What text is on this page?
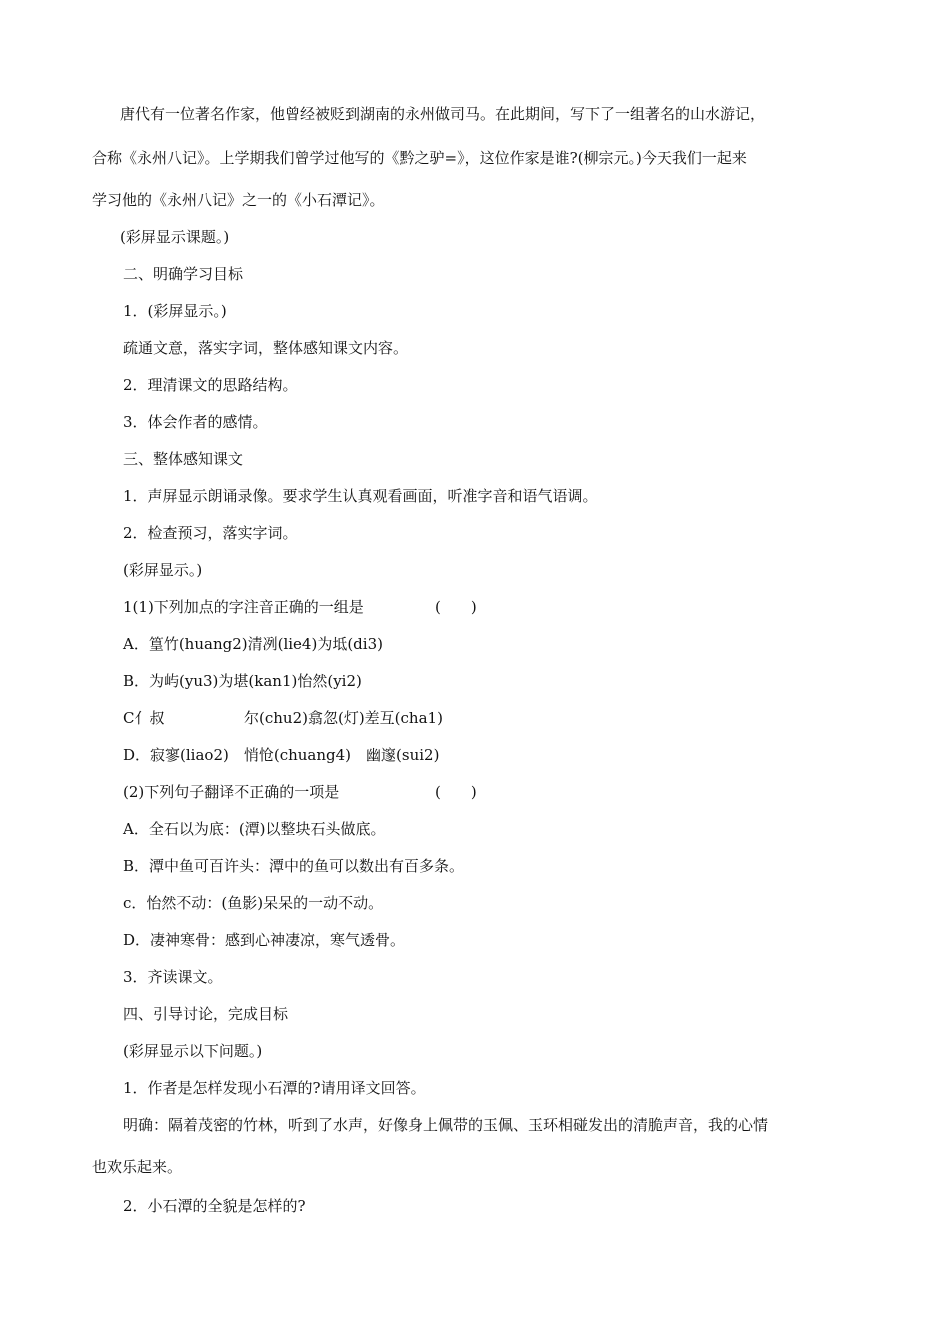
唐代有一位著名作家，他曾经被贬到湖南的永州做司马。在此期间，写下了一组著名的山水游记，
合称《永州八记》。上学期我们曾学过他写的《黔之驴=》，这位作家是谁?(柳宗元。)今天我们一起来
学习他的《永州八记》之一的《小石潭记》。
(彩屏显示课题。)
二、明确学习目标
1．(彩屏显示。)
疏通文意，落实字词，整体感知课文内容。
2．理清课文的思路结构。
3．体会作者的感情。
三、整体感知课文
1．声屏显示朗诵录像。要求学生认真观看画面，听准字音和语气语调。
2．检查预习，落实字词。
(彩屏显示。)
1(1)下列加点的字注音正确的一组是	(　　)
A．篁竹(huang2)清冽(lie4)为坻(di3)
B．为屿(yu3)为堪(kan1)怡然(yi2)
C亻叔	尔(chu2)翕忽(灯)差互(cha1)
D．寂寥(liao2)　悄怆(chuang4)　幽邃(sui2)
(2)下列句子翻译不正确的一项是	(　　)
A．全石以为底：(潭)以整块石头做底。
B．潭中鱼可百许头：潭中的鱼可以数出有百多条。
c．怡然不动：(鱼影)呆呆的一动不动。
D．凄神寒骨：感到心神凄凉，寒气透骨。
3．齐读课文。
四、引导讨论，完成目标
(彩屏显示以下问题。)
1．作者是怎样发现小石潭的?请用译文回答。
明确：隔着茂密的竹林，听到了水声，好像身上佩带的玉佩、玉环相碰发出的清脆声音，我的心情
也欢乐起来。
2．小石潭的全貌是怎样的?
